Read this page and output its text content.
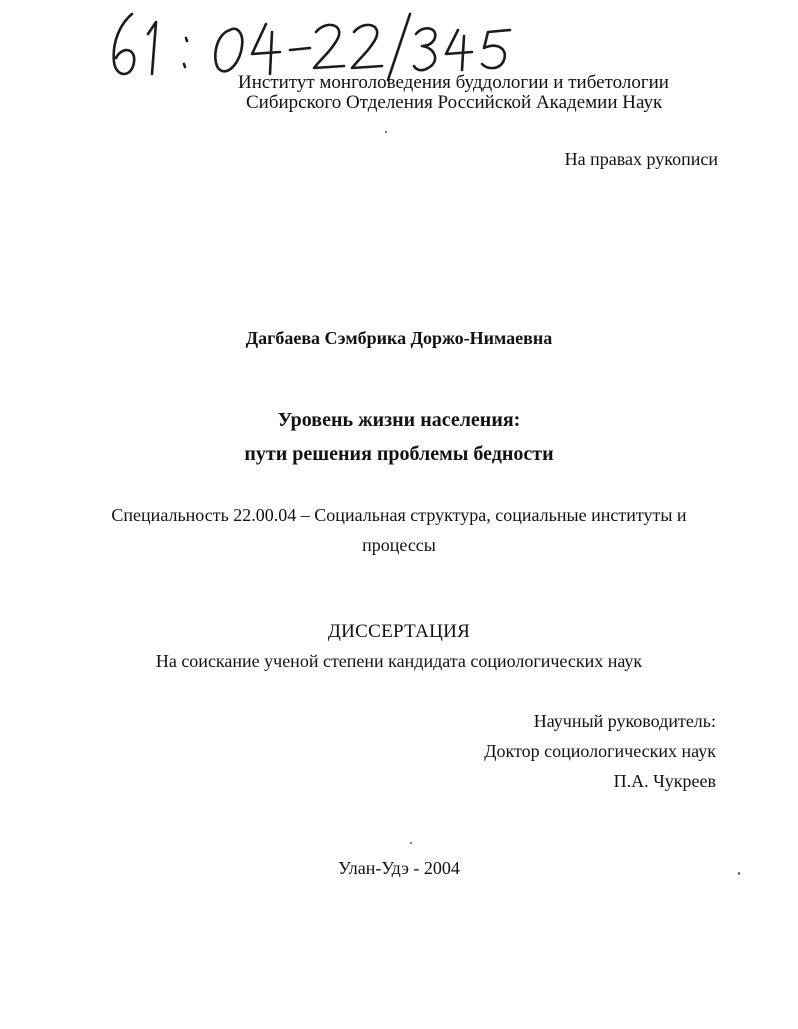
Институт монголоведения буддологии и тибетологии
Сибирского Отделения Российской Академии Наук
На правах рукописи
Дагбаева Сэмбрика Доржо-Нимаевна
Уровень жизни населения:
пути решения проблемы бедности
Специальность 22.00.04 – Социальная структура, социальные институты и
процессы
ДИССЕРТАЦИЯ
На соискание ученой степени кандидата социологических наук
Научный руководитель:
Доктор социологических наук
П.А. Чукреев
Улан-Удэ - 2004
